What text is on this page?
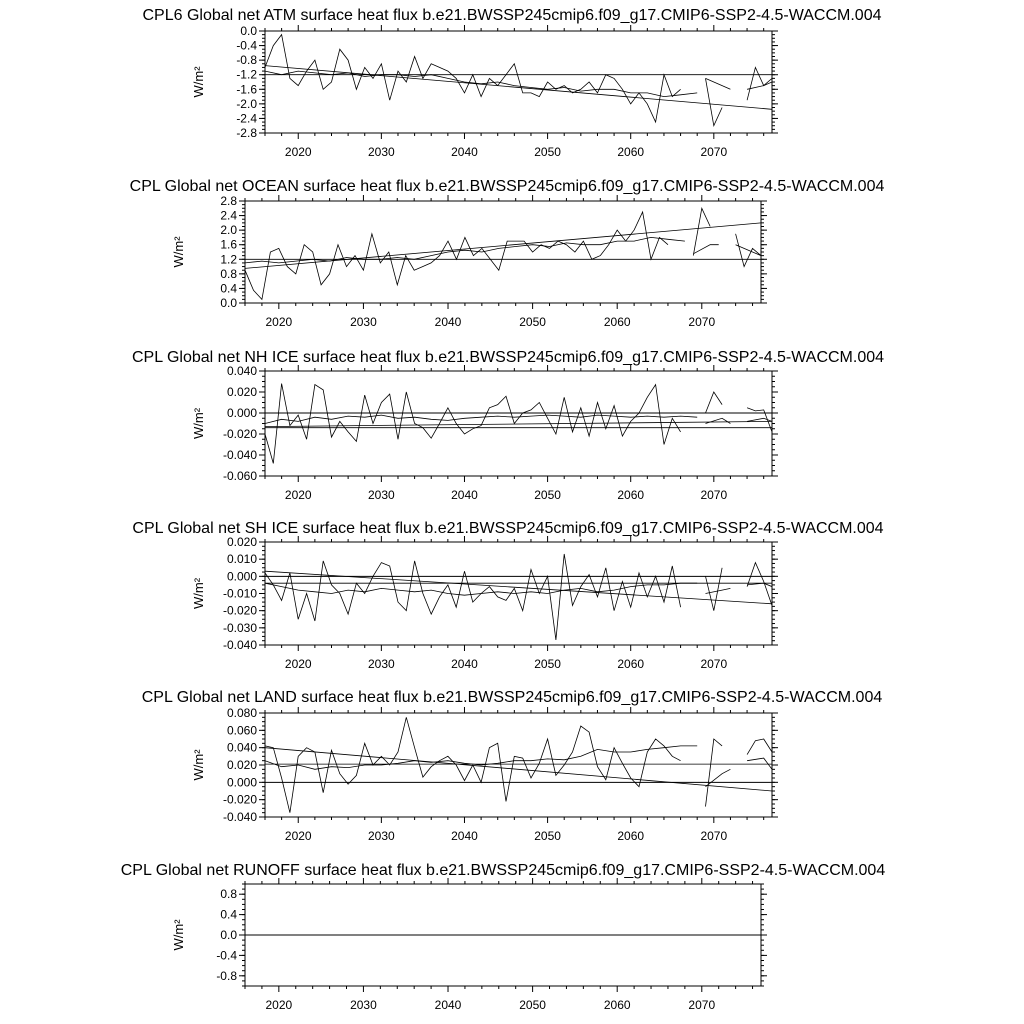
CPL6 Global net ATM surface heat flux b.e21.BWSSP245cmip6.f09_g17.CMIP6-SSP2-4.5-WACCM.004
W/m²
-2.8
-2.4
-2.0
-1.6
-1.2
-0.8
-0.4
0.0
2020	2030	2040	2050	2060	2070
CPL Global net OCEAN surface heat flux b.e21.BWSSP245cmip6.f09_g17.CMIP6-SSP2-4.5-WACCM.004
W/m²
0.0
0.4
0.8
1.2
1.6
2.0
2.4
2.8
2020	2030	2040	2050	2060	2070
CPL Global net NH ICE surface heat flux b.e21.BWSSP245cmip6.f09_g17.CMIP6-SSP2-4.5-WACCM.004
W/m²
-0.060
-0.040
-0.020
0.000
0.020
0.040
2020	2030	2040	2050	2060	2070
CPL Global net SH ICE surface heat flux b.e21.BWSSP245cmip6.f09_g17.CMIP6-SSP2-4.5-WACCM.004
W/m²
-0.040
-0.030
-0.020
-0.010
0.000
0.010
0.020
2020	2030	2040	2050	2060	2070
CPL Global net LAND surface heat flux b.e21.BWSSP245cmip6.f09_g17.CMIP6-SSP2-4.5-WACCM.004
W/m²
-0.040
-0.020
0.000
0.020
0.040
0.060
0.080
2020	2030	2040	2050	2060	2070
CPL Global net RUNOFF surface heat flux b.e21.BWSSP245cmip6.f09_g17.CMIP6-SSP2-4.5-WACCM.004
W/m²
-0.8
-0.4
0.0
0.4
0.8
2020	2030	2040	2050	2060	2070
